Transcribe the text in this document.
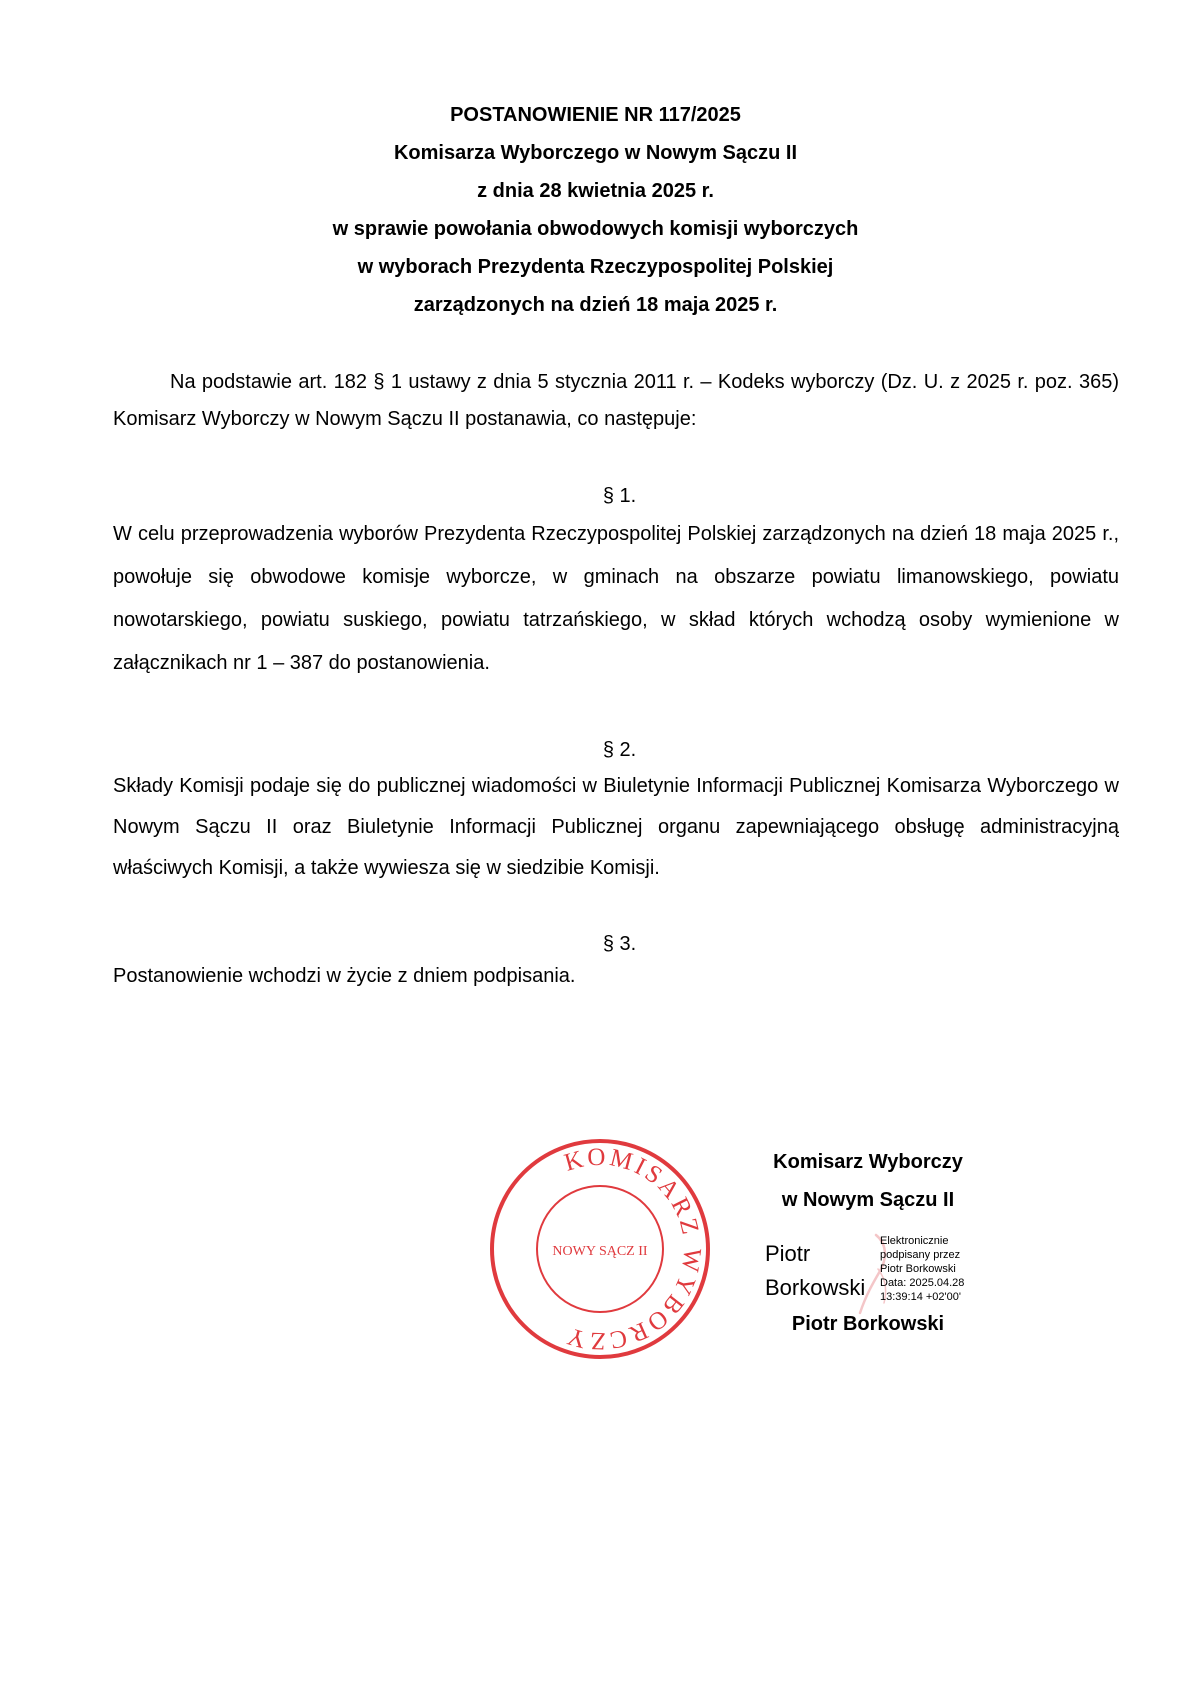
POSTANOWIENIE NR 117/2025
Komisarza Wyborczego w Nowym Sączu II
z dnia 28 kwietnia 2025 r.
w sprawie powołania obwodowych komisji wyborczych
w wyborach Prezydenta Rzeczypospolitej Polskiej
zarządzonych na dzień 18 maja 2025 r.
Na podstawie art. 182 § 1 ustawy z dnia 5 stycznia 2011 r. – Kodeks wyborczy (Dz. U. z 2025 r. poz. 365) Komisarz Wyborczy w Nowym Sączu II postanawia, co następuje:
§ 1.
W celu przeprowadzenia wyborów Prezydenta Rzeczypospolitej Polskiej zarządzonych na dzień 18 maja 2025 r., powołuje się obwodowe komisje wyborcze, w gminach na obszarze powiatu limanowskiego, powiatu nowotarskiego, powiatu suskiego, powiatu tatrzańskiego, w skład których wchodzą osoby wymienione w załącznikach nr 1 – 387 do postanowienia.
§ 2.
Składy Komisji podaje się do publicznej wiadomości w Biuletynie Informacji Publicznej Komisarza Wyborczego w Nowym Sączu II oraz Biuletynie Informacji Publicznej organu zapewniającego obsługę administracyjną właściwych Komisji, a także wywiesza się w siedzibie Komisji.
§ 3.
Postanowienie wchodzi w życie z dniem podpisania.
KOMISARZ WYBORCZY
NOWY SĄCZ II
Komisarz Wyborczy
w Nowym Sączu II
Piotr Borkowski
Piotr
Borkowski
Elektronicznie
podpisany przez
Piotr Borkowski
Data: 2025.04.28
13:39:14 +02'00'
